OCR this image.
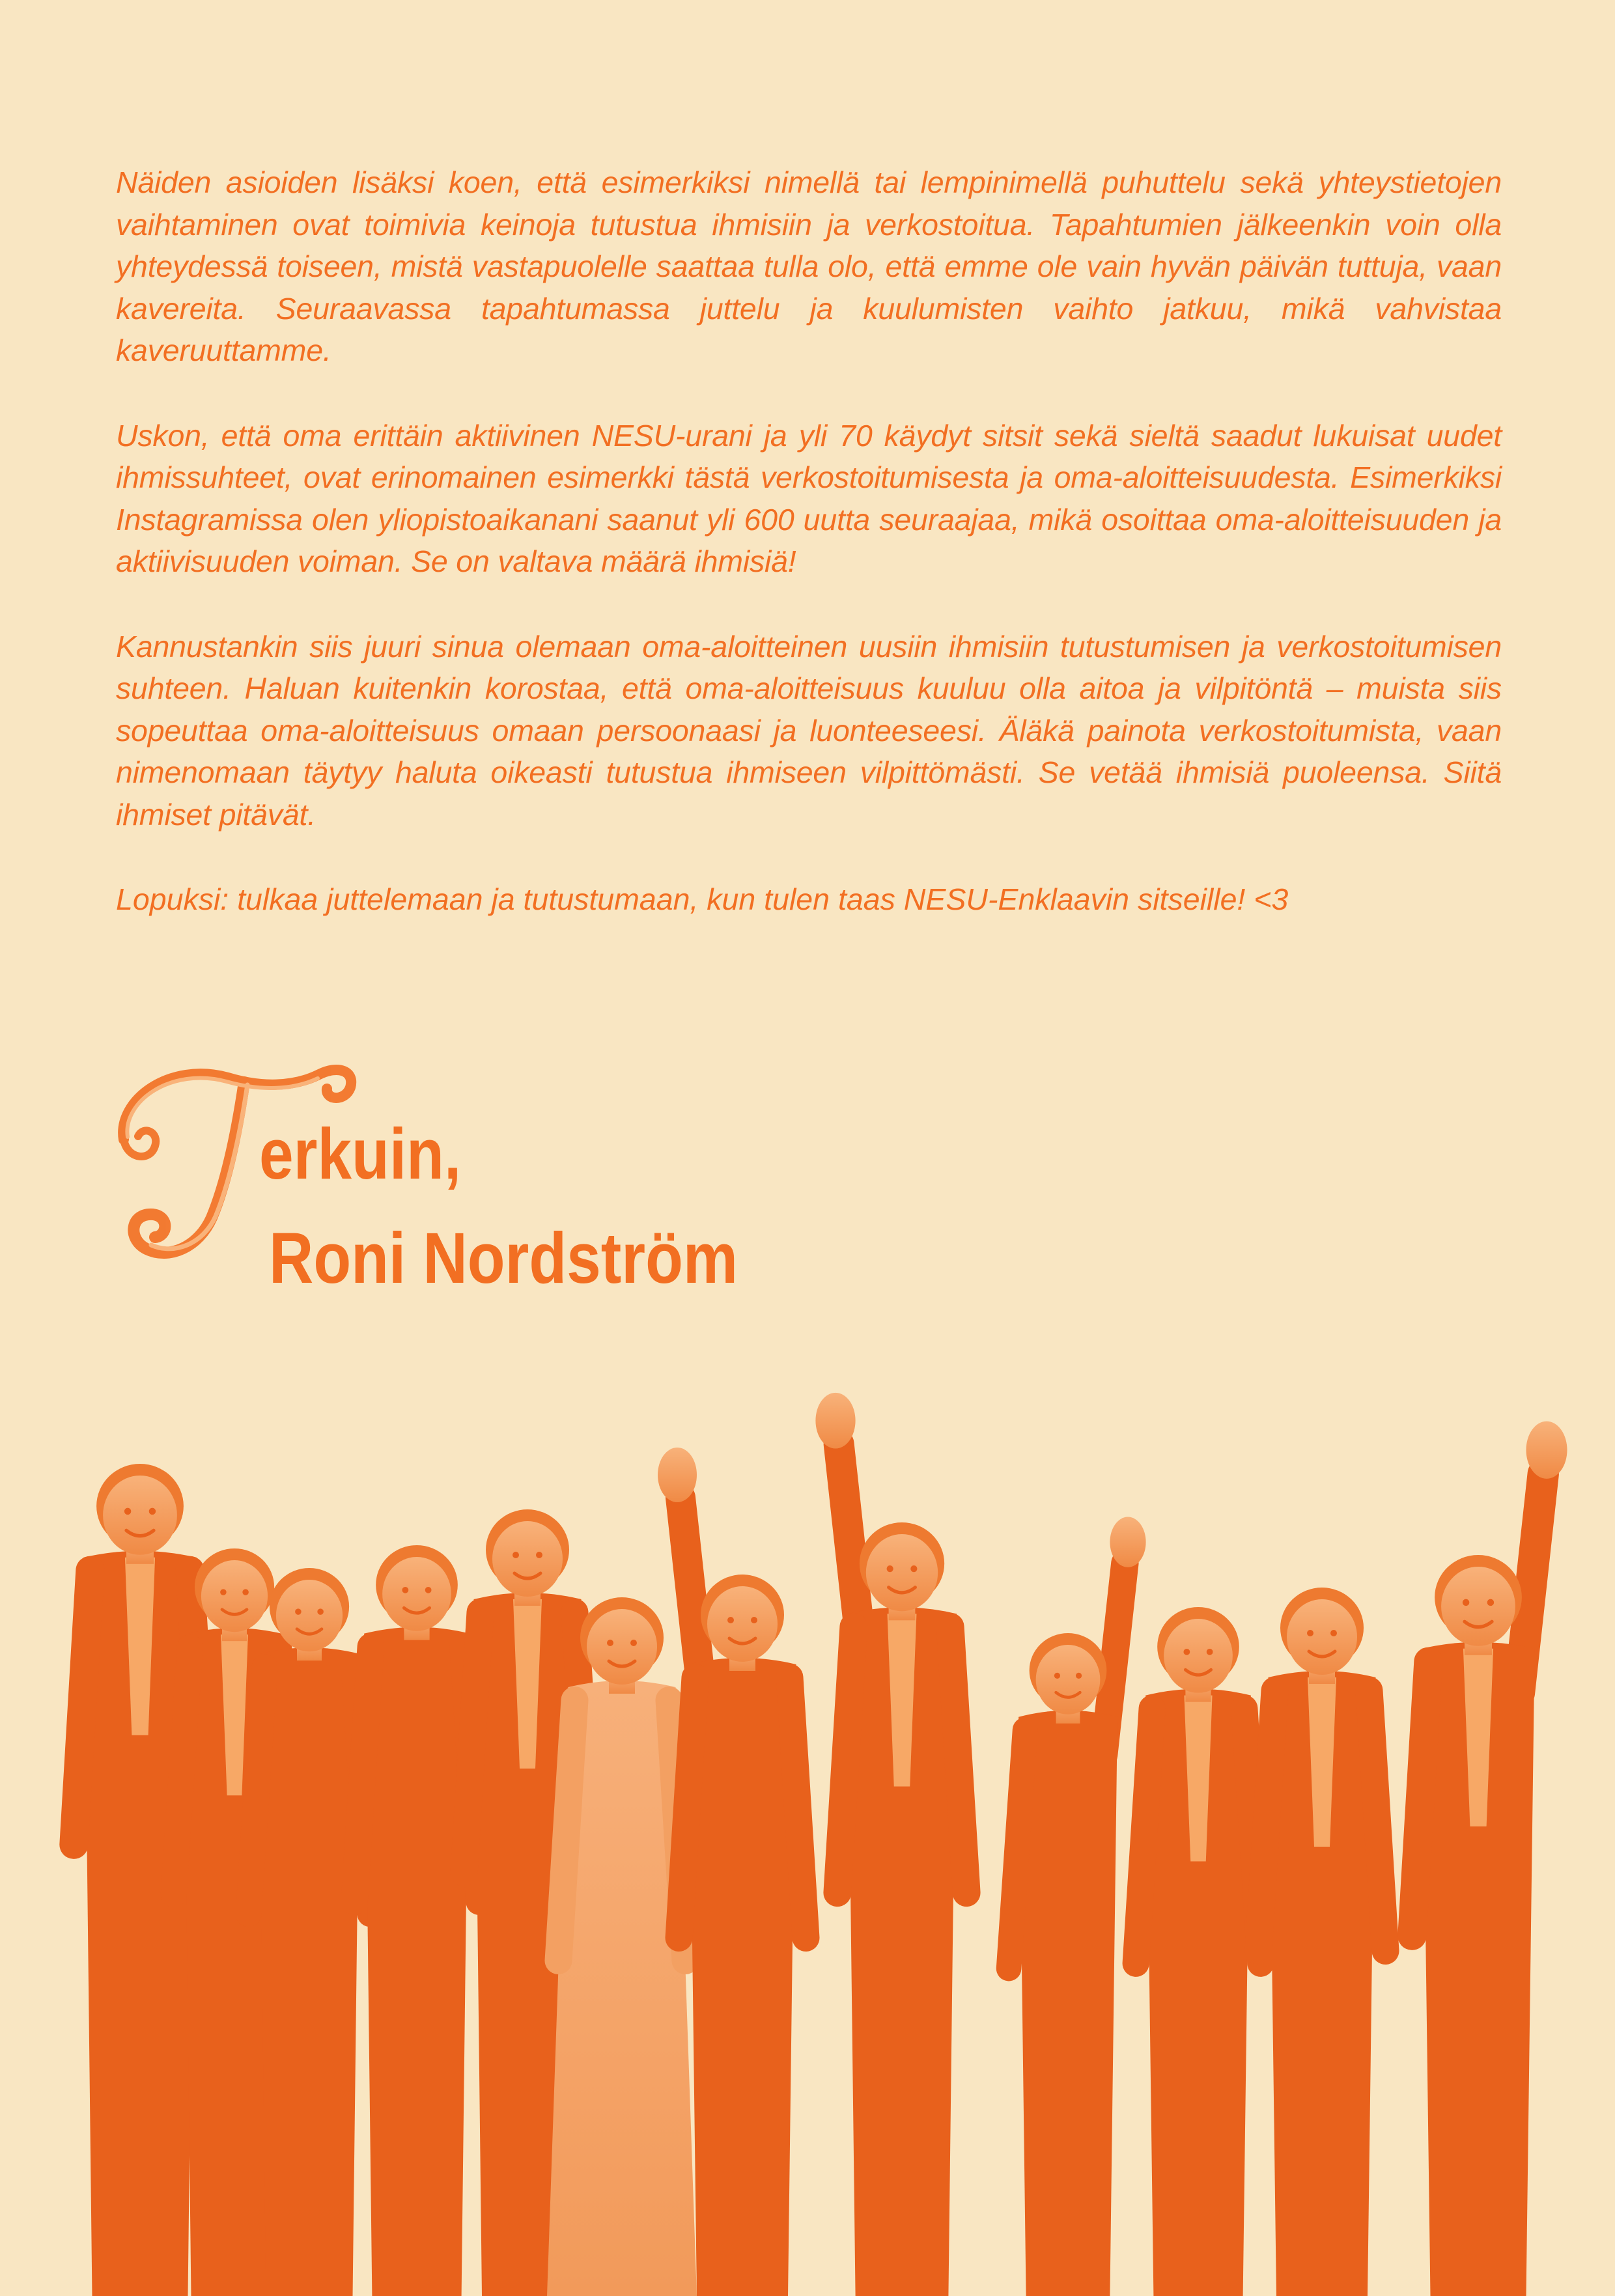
Näiden asioiden lisäksi koen, että esimerkiksi nimellä tai lempinimellä puhuttelu sekä yhteystietojen vaihtaminen ovat toimivia keinoja tutustua ihmisiin ja verkostoitua. Tapahtumien jälkeenkin voin olla yhteydessä toiseen, mistä vastapuolelle saattaa tulla olo, että emme ole vain hyvän päivän tuttuja, vaan kavereita. Seuraavassa tapahtumassa juttelu ja kuulumisten vaihto jatkuu, mikä vahvistaa kaveruuttamme.

Uskon, että oma erittäin aktiivinen NESU-urani ja yli 70 käydyt sitsit sekä sieltä saadut lukuisat uudet ihmissuhteet, ovat erinomainen esimerkki tästä verkostoitumisesta ja oma-aloitteisuudesta. Esimerkiksi Instagramissa olen yliopistoaikanani saanut yli 600 uutta seuraajaa, mikä osoittaa oma-aloitteisuuden ja aktiivisuuden voiman. Se on valtava määrä ihmisiä!

Kannustankin siis juuri sinua olemaan oma-aloitteinen uusiin ihmisiin tutustumisen ja verkostoitumisen suhteen. Haluan kuitenkin korostaa, että oma-aloitteisuus kuuluu olla aitoa ja vilpitöntä – muista siis sopeuttaa oma-aloitteisuus omaan persoonaasi ja luonteeseesi. Äläkä painota verkostoitumista, vaan nimenomaan täytyy haluta oikeasti tutustua ihmiseen vilpittömästi. Se vetää ihmisiä puoleensa. Siitä ihmiset pitävät.

Lopuksi: tulkaa juttelemaan ja tutustumaan, kun tulen taas NESU-Enklaavin sitseille! <3

erkuin,
Roni Nordström
